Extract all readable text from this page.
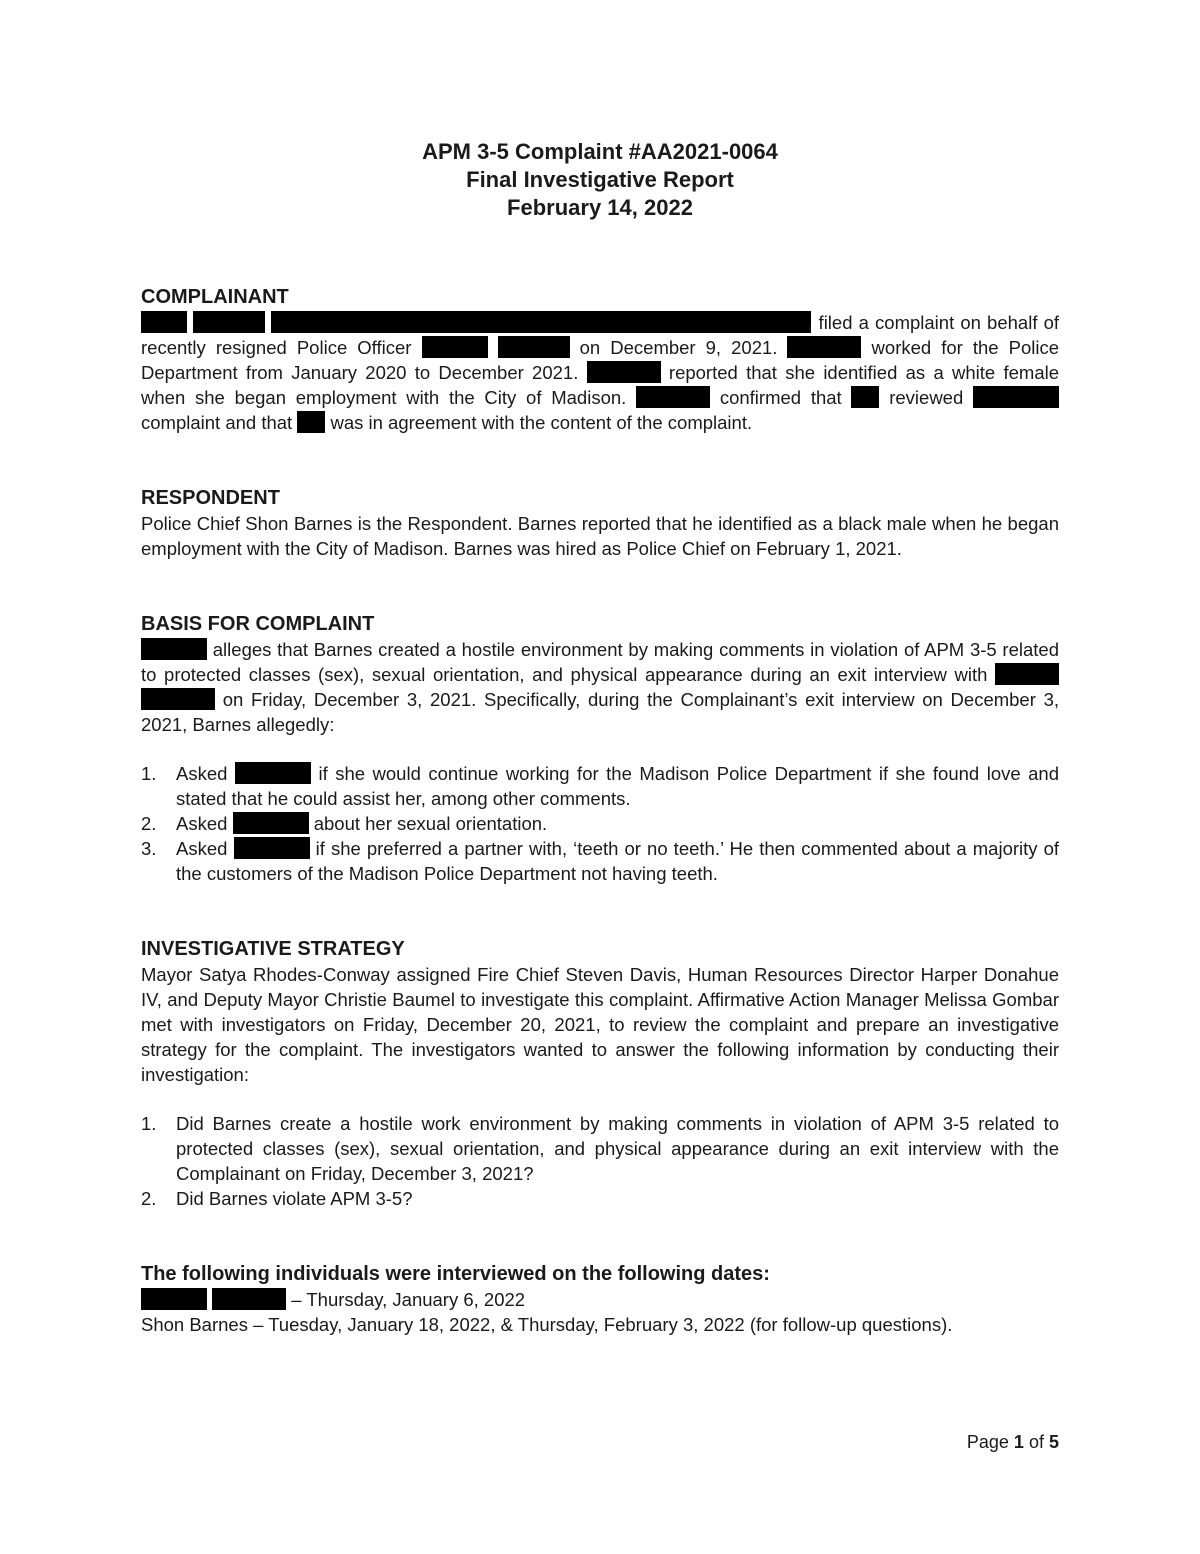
APM 3-5 Complaint #AA2021-0064
Final Investigative Report
February 14, 2022
COMPLAINANT
, filed a complaint on behalf of recently resigned Police Officer	on December 9, 2021.	worked for the Police Department from January 2020 to December 2021.	reported that she identified as a white female when she began employment with the City of Madison.	confirmed that	reviewed  complaint and that was in agreement with the content of the complaint.
RESPONDENT
Police Chief Shon Barnes is the Respondent. Barnes reported that he identified as a black male when he began employment with the City of Madison. Barnes was hired as Police Chief on February 1, 2021.
BASIS FOR COMPLAINT
alleges that Barnes created a hostile environment by making comments in violation of APM 3-5 related to protected classes (sex), sexual orientation, and physical appearance during an exit interview with   on Friday, December 3, 2021. Specifically, during the Complainant’s exit interview on December 3, 2021, Barnes allegedly:
1. Asked	if she would continue working for the Madison Police Department if she found love and stated that he could assist her, among other comments.
2. Asked	about her sexual orientation.
3. Asked	if she preferred a partner with, ‘teeth or no teeth.’ He then commented about a majority of the customers of the Madison Police Department not having teeth.
INVESTIGATIVE STRATEGY
Mayor Satya Rhodes-Conway assigned Fire Chief Steven Davis, Human Resources Director Harper Donahue IV, and Deputy Mayor Christie Baumel to investigate this complaint. Affirmative Action Manager Melissa Gombar met with investigators on Friday, December 20, 2021, to review the complaint and prepare an investigative strategy for the complaint. The investigators wanted to answer the following information by conducting their investigation:
1. Did Barnes create a hostile work environment by making comments in violation of APM 3-5 related to protected classes (sex), sexual orientation, and physical appearance during an exit interview with the Complainant on Friday, December 3, 2021?
2. Did Barnes violate APM 3-5?
The following individuals were interviewed on the following dates:
– Thursday, January 6, 2022
Shon Barnes – Tuesday, January 18, 2022, & Thursday, February 3, 2022 (for follow-up questions).
Page 1 of 5
